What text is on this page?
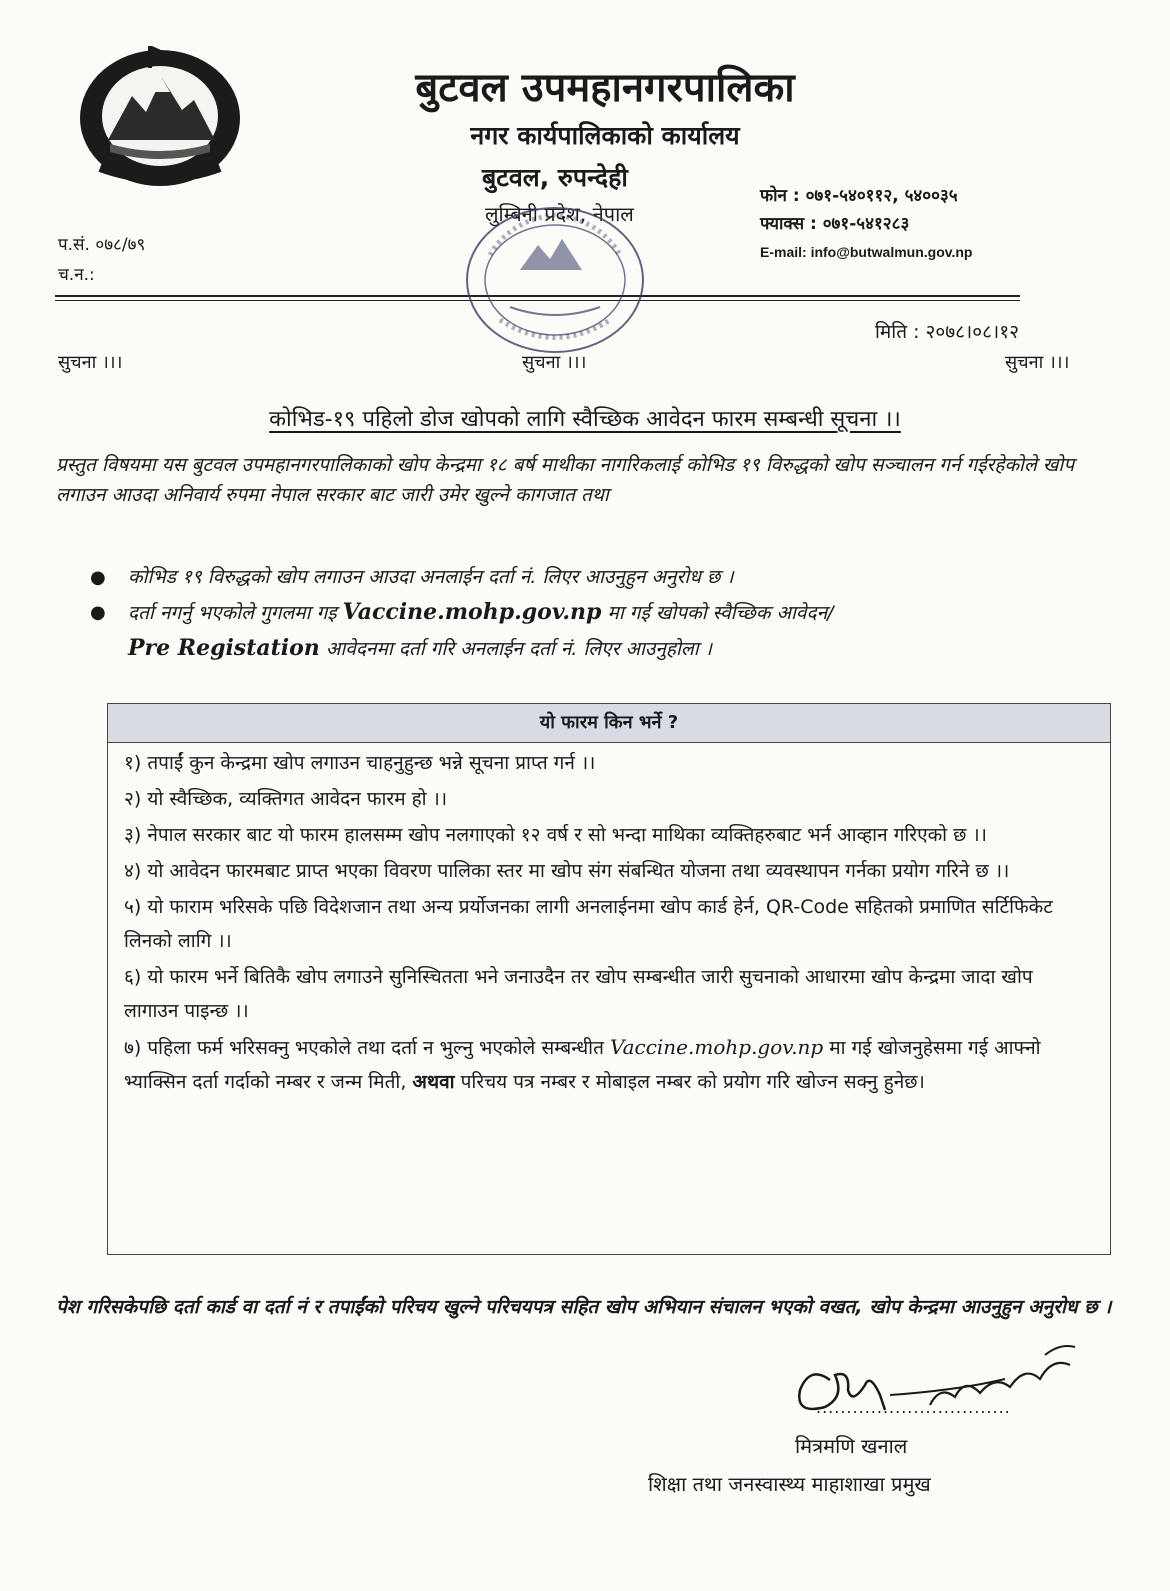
बुटवल उपमहानगरपालिका
नगर कार्यपालिकाको कार्यालय
बुटवल, रुपन्देही
लुम्बिनी प्रदेश, नेपाल
फोन : ०७१-५४०११२, ५४००३५
फ्याक्स : ०७१-५४१२८३
E-mail: info@butwalmun.gov.np
प.सं. ०७८/७९
च.न.:
मिति : २०७८।०८।१२
सुचना ।।।	सुचना ।।।	सुचना ।।।
कोभिड-१९ पहिलो डोज खोपको लागि स्वैच्छिक आवेदन फारम सम्बन्धी सूचना ।।
प्रस्तुत विषयमा यस बुटवल उपमहानगरपालिकाको खोप केन्द्रमा १८ बर्ष माथीका नागरिकलाई कोभिड १९ विरुद्धको खोप सञ्चालन गर्न गईरहेकोले खोप लगाउन आउदा अनिवार्य रुपमा नेपाल सरकार बाट जारी उमेर खुल्ने कागजात तथा
● कोभिड १९ विरुद्धको खोप लगाउन आउदा अनलाईन दर्ता नं. लिएर आउनुहुन अनुरोध छ ।
● दर्ता नगर्नु भएकोले गुगलमा गइ Vaccine.mohp.gov.np मा गई खोपको स्वैच्छिक आवेदन/
Pre Registation आवेदनमा दर्ता गरि अनलाईन दर्ता नं. लिएर आउनुहोला ।
यो फारम किन भर्ने ?

१) तपाईं कुन केन्द्रमा खोप लगाउन चाहनुहुन्छ भन्ने सूचना प्राप्त गर्न ।।

२) यो स्वैच्छिक, व्यक्तिगत आवेदन फारम हो ।।

३) नेपाल सरकार बाट यो फारम हालसम्म खोप नलगाएको १२ वर्ष र सो भन्दा माथिका व्यक्तिहरुबाट भर्न आव्हान गरिएको छ ।।

४) यो आवेदन फारमबाट प्राप्त भएका विवरण पालिका स्तर मा खोप संग संबन्धित योजना तथा व्यवस्थापन गर्नका प्रयोग गरिने छ ।।

५) यो फाराम भरिसके पछि विदेशजान तथा अन्य प्रर्योजनका लागी अनलाईनमा खोप कार्ड हेर्न, QR-Code सहितको प्रमाणित सर्टिफिकेट लिनको लागि ।।

६) यो फारम भर्ने बितिकै खोप लगाउने सुनिस्चितता भने जनाउदैन तर खोप सम्बन्धीत जारी सुचनाको आधारमा खोप केन्द्रमा जादा खोप लागाउन पाइन्छ ।।

७) पहिला फर्म भरिसक्नु भएकोले तथा दर्ता न भुल्नु भएकोले सम्बन्धीत Vaccine.mohp.gov.np मा गई खोजनुहेसमा गई आफ्नो भ्याक्सिन दर्ता गर्दाको नम्बर र जन्म मिती, अथवा परिचय पत्र नम्बर र मोबाइल नम्बर को प्रयोग गरि खोज्न सक्नु हुनेछ।

पेश गरिसकेपछि दर्ता कार्ड वा दर्ता नं र तपाईंको परिचय खुल्ने परिचयपत्र सहित खोप अभियान संचालन भएको वखत, खोप केन्द्रमा आउनुहुन अनुरोध छ ।
................................
मित्रमणि खनाल
शिक्षा तथा जनस्वास्थ्य माहाशाखा प्रमुख
